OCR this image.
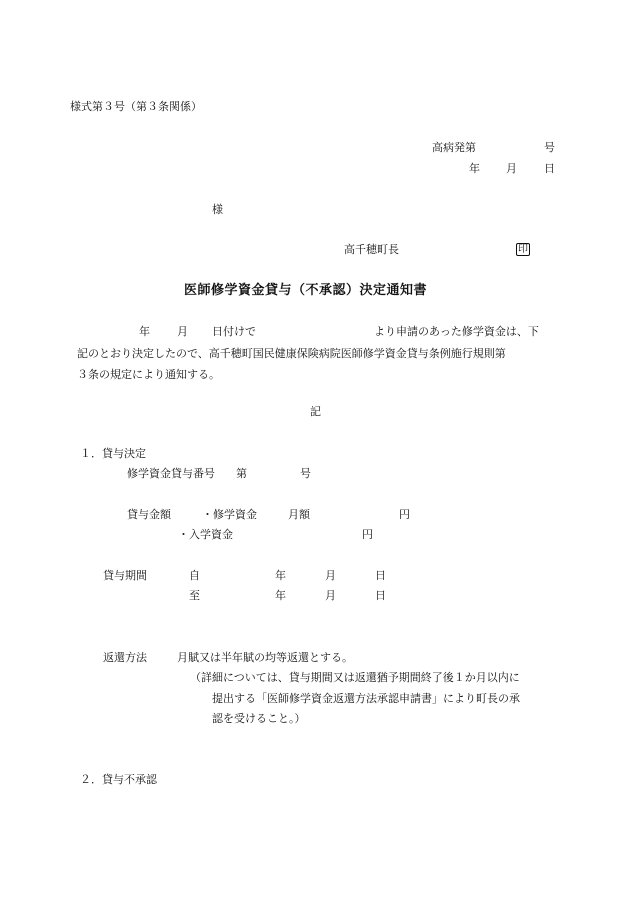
様式第３号（第３条関係）
高病発第	号
年 月 日
様
高千穂町長	印
医師修学資金貸与（不承認）決定通知書
年 月 日付けで	より申請のあった修学資金は、下
記のとおり決定したので、高千穂町国民健康保険病院医師修学資金貸与条例施行規則第
３条の規定により通知する。
記
１．貸与決定
修学資金貸与番号 第	号
貸与金額	・修学資金	月額	円
・入学資金	円
貸与期間	自	年	月	日
至	年	月	日
返還方法	月賦又は半年賦の均等返還とする。
（詳細については、貸与期間又は返還猶予期間終了後１か月以内に
提出する「医師修学資金返還方法承認申請書」により町長の承
認を受けること。）
２．貸与不承認
